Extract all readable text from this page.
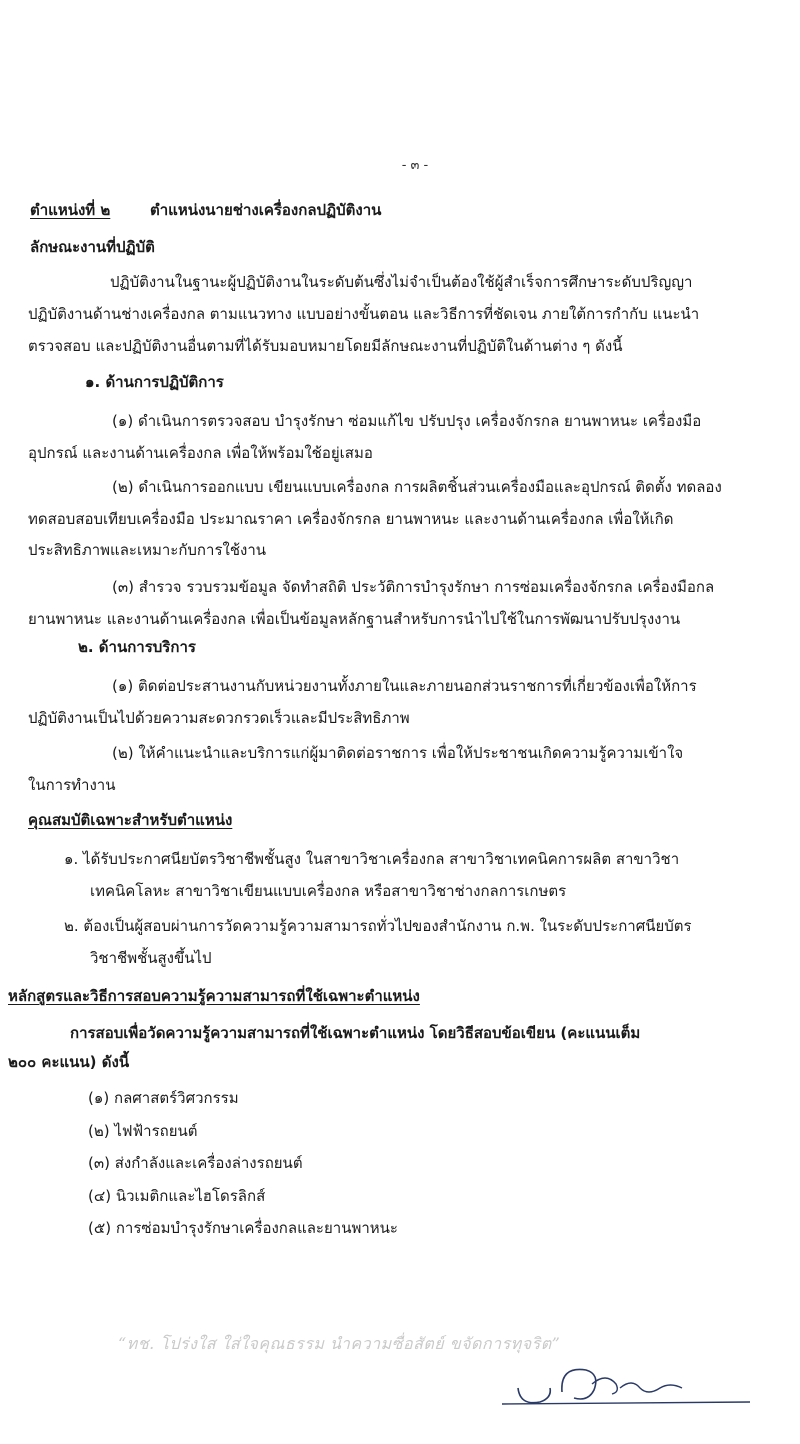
- ๓ -
ตำแหน่งที่ ๒	ตำแหน่งนายช่างเครื่องกลปฏิบัติงาน
ลักษณะงานที่ปฏิบัติ
ปฏิบัติงานในฐานะผู้ปฏิบัติงานในระดับต้นซึ่งไม่จำเป็นต้องใช้ผู้สำเร็จการศึกษาระดับปริญญา
ปฏิบัติงานด้านช่างเครื่องกล ตามแนวทาง แบบอย่างขั้นตอน และวิธีการที่ชัดเจน ภายใต้การกำกับ แนะนำ
ตรวจสอบ และปฏิบัติงานอื่นตามที่ได้รับมอบหมายโดยมีลักษณะงานที่ปฏิบัติในด้านต่าง ๆ ดังนี้
๑. ด้านการปฏิบัติการ
(๑) ดำเนินการตรวจสอบ บำรุงรักษา ซ่อมแก้ไข ปรับปรุง เครื่องจักรกล ยานพาหนะ เครื่องมือ
อุปกรณ์ และงานด้านเครื่องกล เพื่อให้พร้อมใช้อยู่เสมอ
(๒) ดำเนินการออกแบบ เขียนแบบเครื่องกล การผลิตชิ้นส่วนเครื่องมือและอุปกรณ์ ติดตั้ง ทดลอง
ทดสอบสอบเทียบเครื่องมือ ประมาณราคา เครื่องจักรกล ยานพาหนะ และงานด้านเครื่องกล เพื่อให้เกิด
ประสิทธิภาพและเหมาะกับการใช้งาน
(๓) สำรวจ รวบรวมข้อมูล จัดทำสถิติ ประวัติการบำรุงรักษา การซ่อมเครื่องจักรกล เครื่องมือกล
ยานพาหนะ และงานด้านเครื่องกล เพื่อเป็นข้อมูลหลักฐานสำหรับการนำไปใช้ในการพัฒนาปรับปรุงงาน
๒. ด้านการบริการ
(๑) ติดต่อประสานงานกับหน่วยงานทั้งภายในและภายนอกส่วนราชการที่เกี่ยวข้องเพื่อให้การ
ปฏิบัติงานเป็นไปด้วยความสะดวกรวดเร็วและมีประสิทธิภาพ
(๒) ให้คำแนะนำและบริการแก่ผู้มาติดต่อราชการ เพื่อให้ประชาชนเกิดความรู้ความเข้าใจ
ในการทำงาน
คุณสมบัติเฉพาะสำหรับตำแหน่ง
๑. ได้รับประกาศนียบัตรวิชาชีพชั้นสูง ในสาขาวิชาเครื่องกล สาขาวิชาเทคนิคการผลิต สาขาวิชา
เทคนิคโลหะ สาขาวิชาเขียนแบบเครื่องกล หรือสาขาวิชาช่างกลการเกษตร
๒. ต้องเป็นผู้สอบผ่านการวัดความรู้ความสามารถทั่วไปของสำนักงาน ก.พ. ในระดับประกาศนียบัตร
วิชาชีพชั้นสูงขึ้นไป
หลักสูตรและวิธีการสอบความรู้ความสามารถที่ใช้เฉพาะตำแหน่ง
การสอบเพื่อวัดความรู้ความสามารถที่ใช้เฉพาะตำแหน่ง โดยวิธีสอบข้อเขียน (คะแนนเต็ม
๒๐๐ คะแนน) ดังนี้
(๑) กลศาสตร์วิศวกรรม
(๒) ไฟฟ้ารถยนต์
(๓) ส่งกำลังและเครื่องล่างรถยนต์
(๔) นิวเมติกและไฮโดรลิกส์
(๕) การซ่อมบำรุงรักษาเครื่องกลและยานพาหนะ
“ทช. โปร่งใส ใส่ใจคุณธรรม นำความซื่อสัตย์ ขจัดการทุจริต”
